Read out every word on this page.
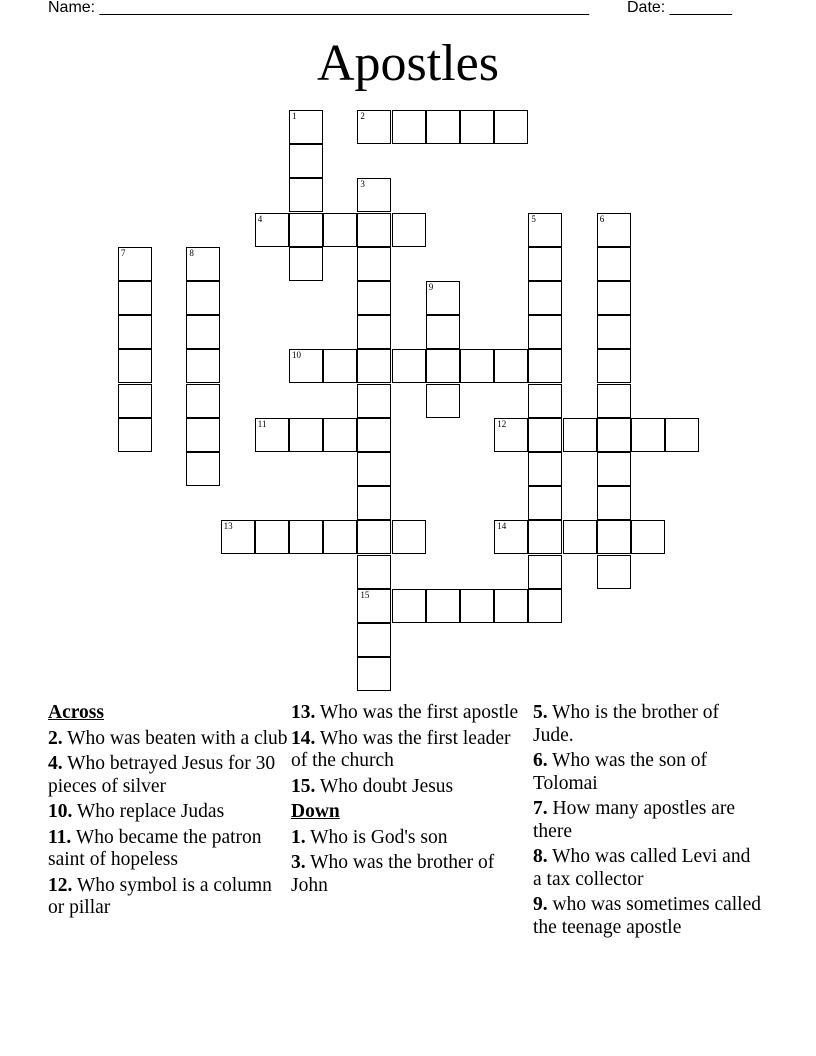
Name: _______________________________________________________ Date: _______
Apostles
1	2
3
15
4	5	6
7	8
9
10
11	12
13	14
Across
2. Who was beaten with a club
4. Who betrayed Jesus for 30 pieces of silver
10. Who replace Judas
11. Who became the patron saint of hopeless
12. Who symbol is a column or pillar
13. Who was the first apostle
14. Who was the first leader of the church
15. Who doubt Jesus
Down
1. Who is God's son
3. Who was the brother of John
5. Who is the brother of Jude.
6. Who was the son of Tolomai
7. How many apostles are there
8. Who was called Levi and a tax collector
9. who was sometimes called the teenage apostle
